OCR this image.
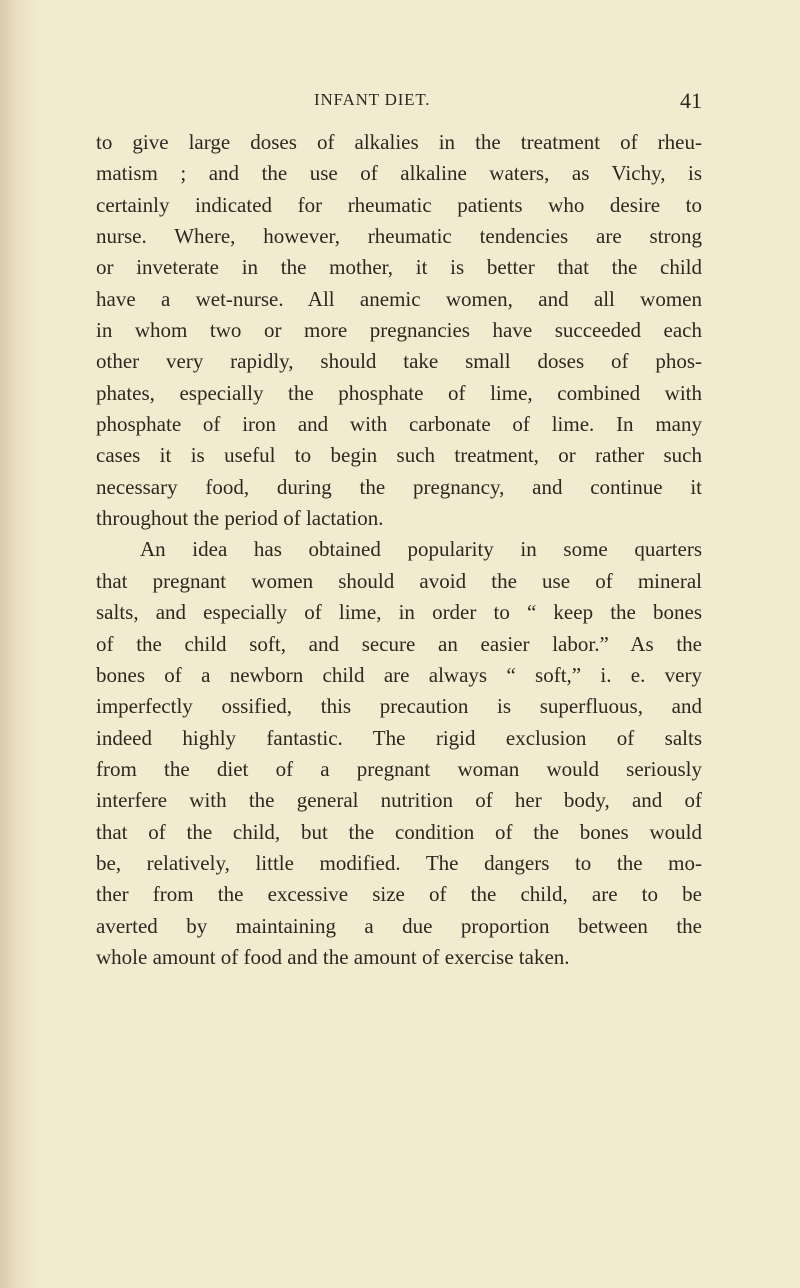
INFANT DIET.	41
to give large doses of alkalies in the treatment of rheu-
matism ; and the use of alkaline waters, as Vichy, is
certainly indicated for rheumatic patients who desire to
nurse. Where, however, rheumatic tendencies are strong
or inveterate in the mother, it is better that the child
have a wet-nurse. All anemic women, and all women
in whom two or more pregnancies have succeeded each
other very rapidly, should take small doses of phos-
phates, especially the phosphate of lime, combined with
phosphate of iron and with carbonate of lime. In many
cases it is useful to begin such treatment, or rather such
necessary food, during the pregnancy, and continue it
throughout the period of lactation.
An idea has obtained popularity in some quarters
that pregnant women should avoid the use of mineral
salts, and especially of lime, in order to “ keep the bones
of the child soft, and secure an easier labor.” As the
bones of a newborn child are always “ soft,” i. e. very
imperfectly ossified, this precaution is superfluous, and
indeed highly fantastic. The rigid exclusion of salts
from the diet of a pregnant woman would seriously
interfere with the general nutrition of her body, and of
that of the child, but the condition of the bones would
be, relatively, little modified. The dangers to the mo-
ther from the excessive size of the child, are to be
averted by maintaining a due proportion between the
whole amount of food and the amount of exercise taken.
